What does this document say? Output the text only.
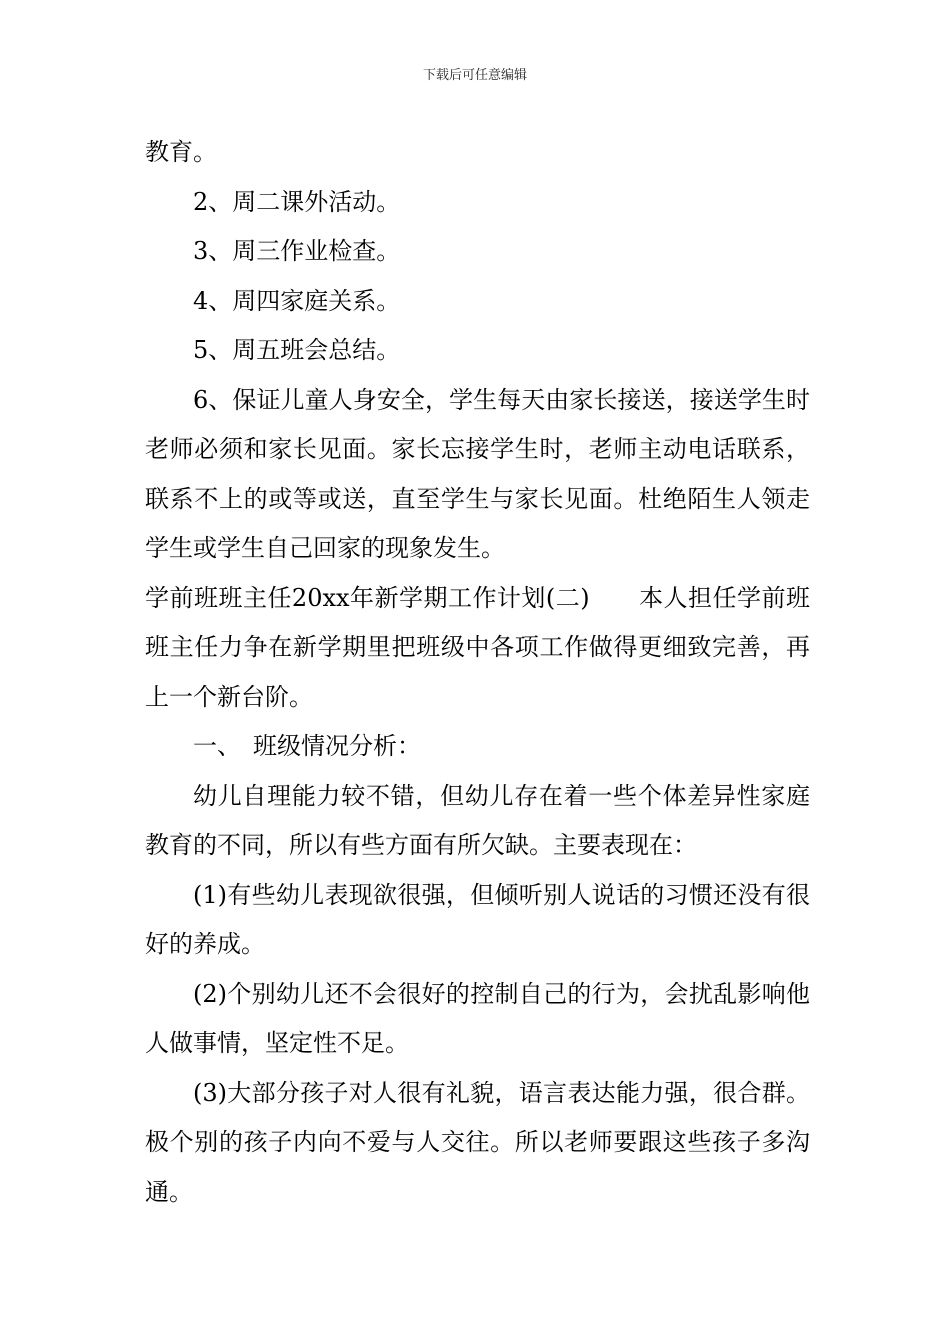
下载后可任意编辑

教育。

2、周二课外活动。

3、周三作业检查。

4、周四家庭关系。

5、周五班会总结。

6、保证儿童人身安全，学生每天由家长接送，接送学生时老师必须和家长见面。家长忘接学生时，老师主动电话联系，联系不上的或等或送，直至学生与家长见面。杜绝陌生人领走学生或学生自己回家的现象发生。

学前班班主任20xx年新学期工作计划(二)　　本人担任学前班班主任力争在新学期里把班级中各项工作做得更细致完善，再上一个新台阶。

一、　班级情况分析：

幼儿自理能力较不错，但幼儿存在着一些个体差异性家庭教育的不同，所以有些方面有所欠缺。主要表现在：

(1)有些幼儿表现欲很强，但倾听别人说话的习惯还没有很好的养成。

(2)个别幼儿还不会很好的控制自己的行为，会扰乱影响他人做事情，坚定性不足。

(3)大部分孩子对人很有礼貌，语言表达能力强，很合群。极个别的孩子内向不爱与人交往。所以老师要跟这些孩子多沟通。
